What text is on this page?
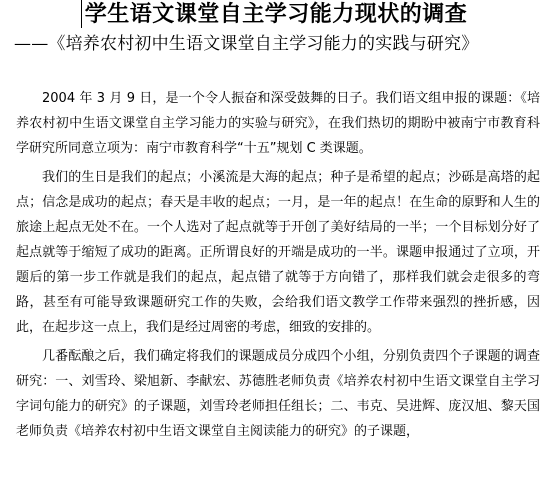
学生语文课堂自主学习能力现状的调查
——《培养农村初中生语文课堂自主学习能力的实践与研究》

2004 年 3 月 9 日，是一个令人振奋和深受鼓舞的日子。我们语文组申报的课题：《培养农村初中生语文课堂自主学习能力的实验与研究》，在我们热切的期盼中被南宁市教育科学研究所同意立项为：南宁市教育科学“十五”规划 C 类课题。

我们的生日是我们的起点；小溪流是大海的起点；种子是希望的起点；沙砾是高塔的起点；信念是成功的起点；春天是丰收的起点；一月，是一年的起点！在生命的原野和人生的旅途上起点无处不在。一个人选对了起点就等于开创了美好结局的一半；一个目标划分好了起点就等于缩短了成功的距离。正所谓良好的开端是成功的一半。课题申报通过了立项，开题后的第一步工作就是我们的起点，起点错了就等于方向错了，那样我们就会走很多的弯路，甚至有可能导致课题研究工作的失败，会给我们语文教学工作带来强烈的挫折感，因此，在起步这一点上，我们是经过周密的考虑，细致的安排的。

几番酝酿之后，我们确定将我们的课题成员分成四个小组，分别负责四个子课题的调查研究：一、刘雪玲、梁旭新、李献宏、苏德胜老师负责《培养农村初中生语文课堂自主学习字词句能力的研究》的子课题，刘雪玲老师担任组长；二、韦克、吴进辉、庞汉旭、黎天国老师负责《培养农村初中生语文课堂自主阅读能力的研究》的子课题，
